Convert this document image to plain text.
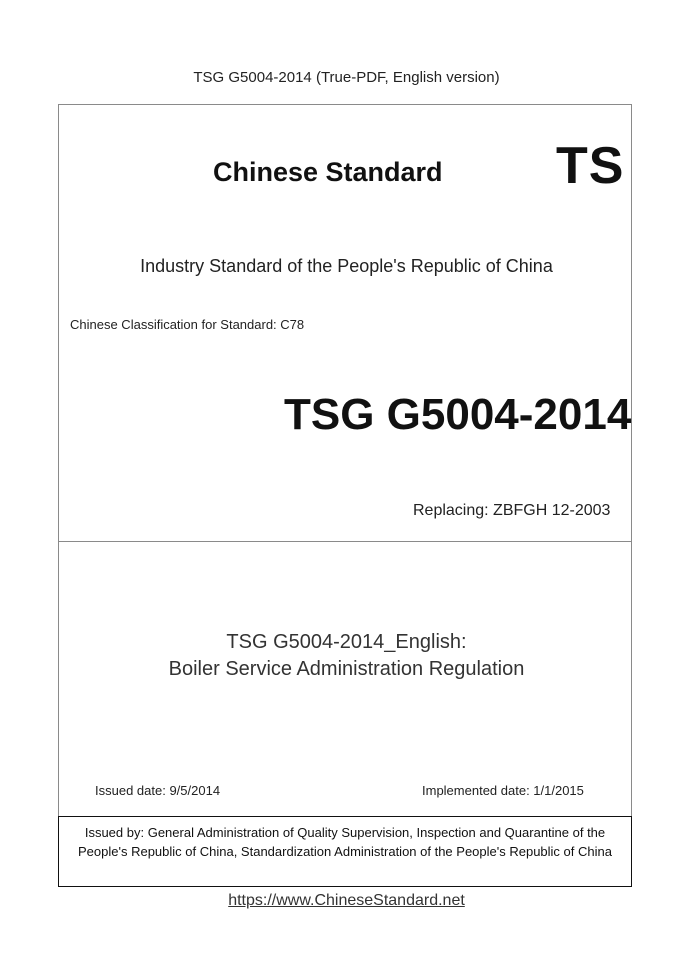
TSG G5004-2014 (True-PDF, English version)
Chinese Standard TS
Industry Standard of the People's Republic of China
Chinese Classification for Standard: C78
TSG G5004-2014
Replacing: ZBFGH 12-2003
TSG G5004-2014_English:
Boiler Service Administration Regulation
Issued date: 9/5/2014	Implemented date: 1/1/2015
Issued by: General Administration of Quality Supervision, Inspection and Quarantine of the People's Republic of China, Standardization Administration of the People's Republic of China
https://www.ChineseStandard.net
